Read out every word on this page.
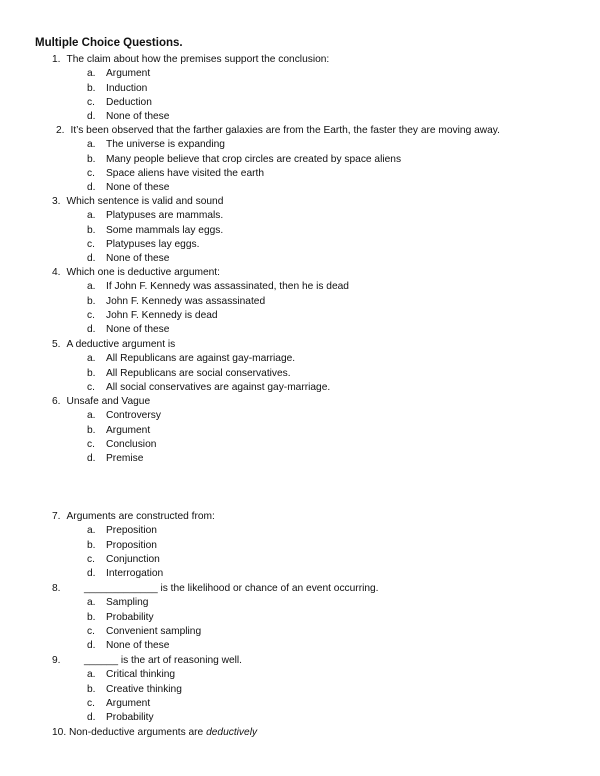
Multiple Choice Questions.
1. The claim about how the premises support the conclusion:
a.	Argument
b.	Induction
c.	Deduction
d.	None of these
2. It’s been observed that the farther galaxies are from the Earth, the faster they are moving away.
a.	The universe is expanding
b.	Many people believe that crop circles are created by space aliens
c.	Space aliens have visited the earth
d.	None of these
3. Which sentence is valid and sound
a.	Platypuses are mammals.
b.	Some mammals lay eggs.
c.	Platypuses lay eggs.
d.	None of these
4. Which one is deductive argument:
a.	If John F. Kennedy was assassinated, then he is dead
b.	John F. Kennedy was assassinated
c.	John F. Kennedy is dead
d.	None of these
5. A deductive argument is
a.	All Republicans are against gay-marriage.
b.	All Republicans are social conservatives.
c.	All social conservatives are against gay-marriage.
6. Unsafe and Vague
a.	Controversy
b.	Argument
c.	Conclusion
d.	Premise
7. Arguments are constructed from:
a.	Preposition
b.	Proposition
c.	Conjunction
d.	Interrogation
8. _____________ is the likelihood or chance of an event occurring.
a.	Sampling
b.	Probability
c.	Convenient sampling
d.	None of these
9. ______ is the art of reasoning well.
a.	Critical thinking
b.	Creative thinking
c.	Argument
d.	Probability
10. Non-deductive arguments are deductively
